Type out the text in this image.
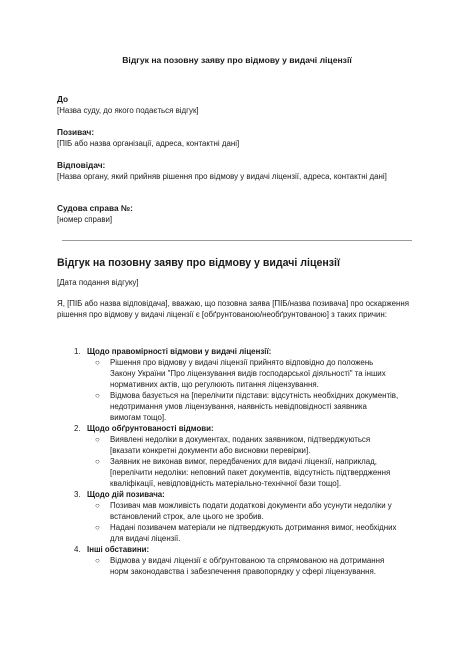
Відгук на позовну заяву про відмову у видачі ліцензії
До
[Назва суду, до якого подається відгук]
Позивач:
[ПІБ або назва організації, адреса, контактні дані]
Відповідач:
[Назва органу, який прийняв рішення про відмову у видачі ліцензії, адреса, контактні дані]
Судова справа №:
[номер справи]
Відгук на позовну заяву про відмову у видачі ліцензії
[Дата подання відгуку]
Я, [ПІБ або назва відповідача], вважаю, що позовна заява [ПІБ/назва позивача] про оскарження рішення про відмову у видачі ліцензії є [обґрунтованою/необґрунтованою] з таких причин:
1. Щодо правомірності відмови у видачі ліцензії:
○ Рішення про відмову у видачі ліцензії прийнято відповідно до положень Закону України "Про ліцензування видів господарської діяльності" та інших нормативних актів, що регулюють питання ліцензування.
○ Відмова базується на [перелічити підстави: відсутність необхідних документів, недотримання умов ліцензування, наявність невідповідності заявника вимогам тощо].
2. Щодо обґрунтованості відмови:
○ Виявлені недоліки в документах, поданих заявником, підтверджуються [вказати конкретні документи або висновки перевірки].
○ Заявник не виконав вимог, передбачених для видачі ліцензії, наприклад, [перелічити недоліки: неповний пакет документів, відсутність підтвердження кваліфікації, невідповідність матеріально-технічної бази тощо].
3. Щодо дій позивача:
○ Позивач мав можливість подати додаткові документи або усунути недоліки у встановлений строк, але цього не зробив.
○ Надані позивачем матеріали не підтверджують дотримання вимог, необхідних для видачі ліцензії.
4. Інші обставини:
○ Відмова у видачі ліцензії є обґрунтованою та спрямованою на дотримання норм законодавства і забезпечення правопорядку у сфері ліцензування.
